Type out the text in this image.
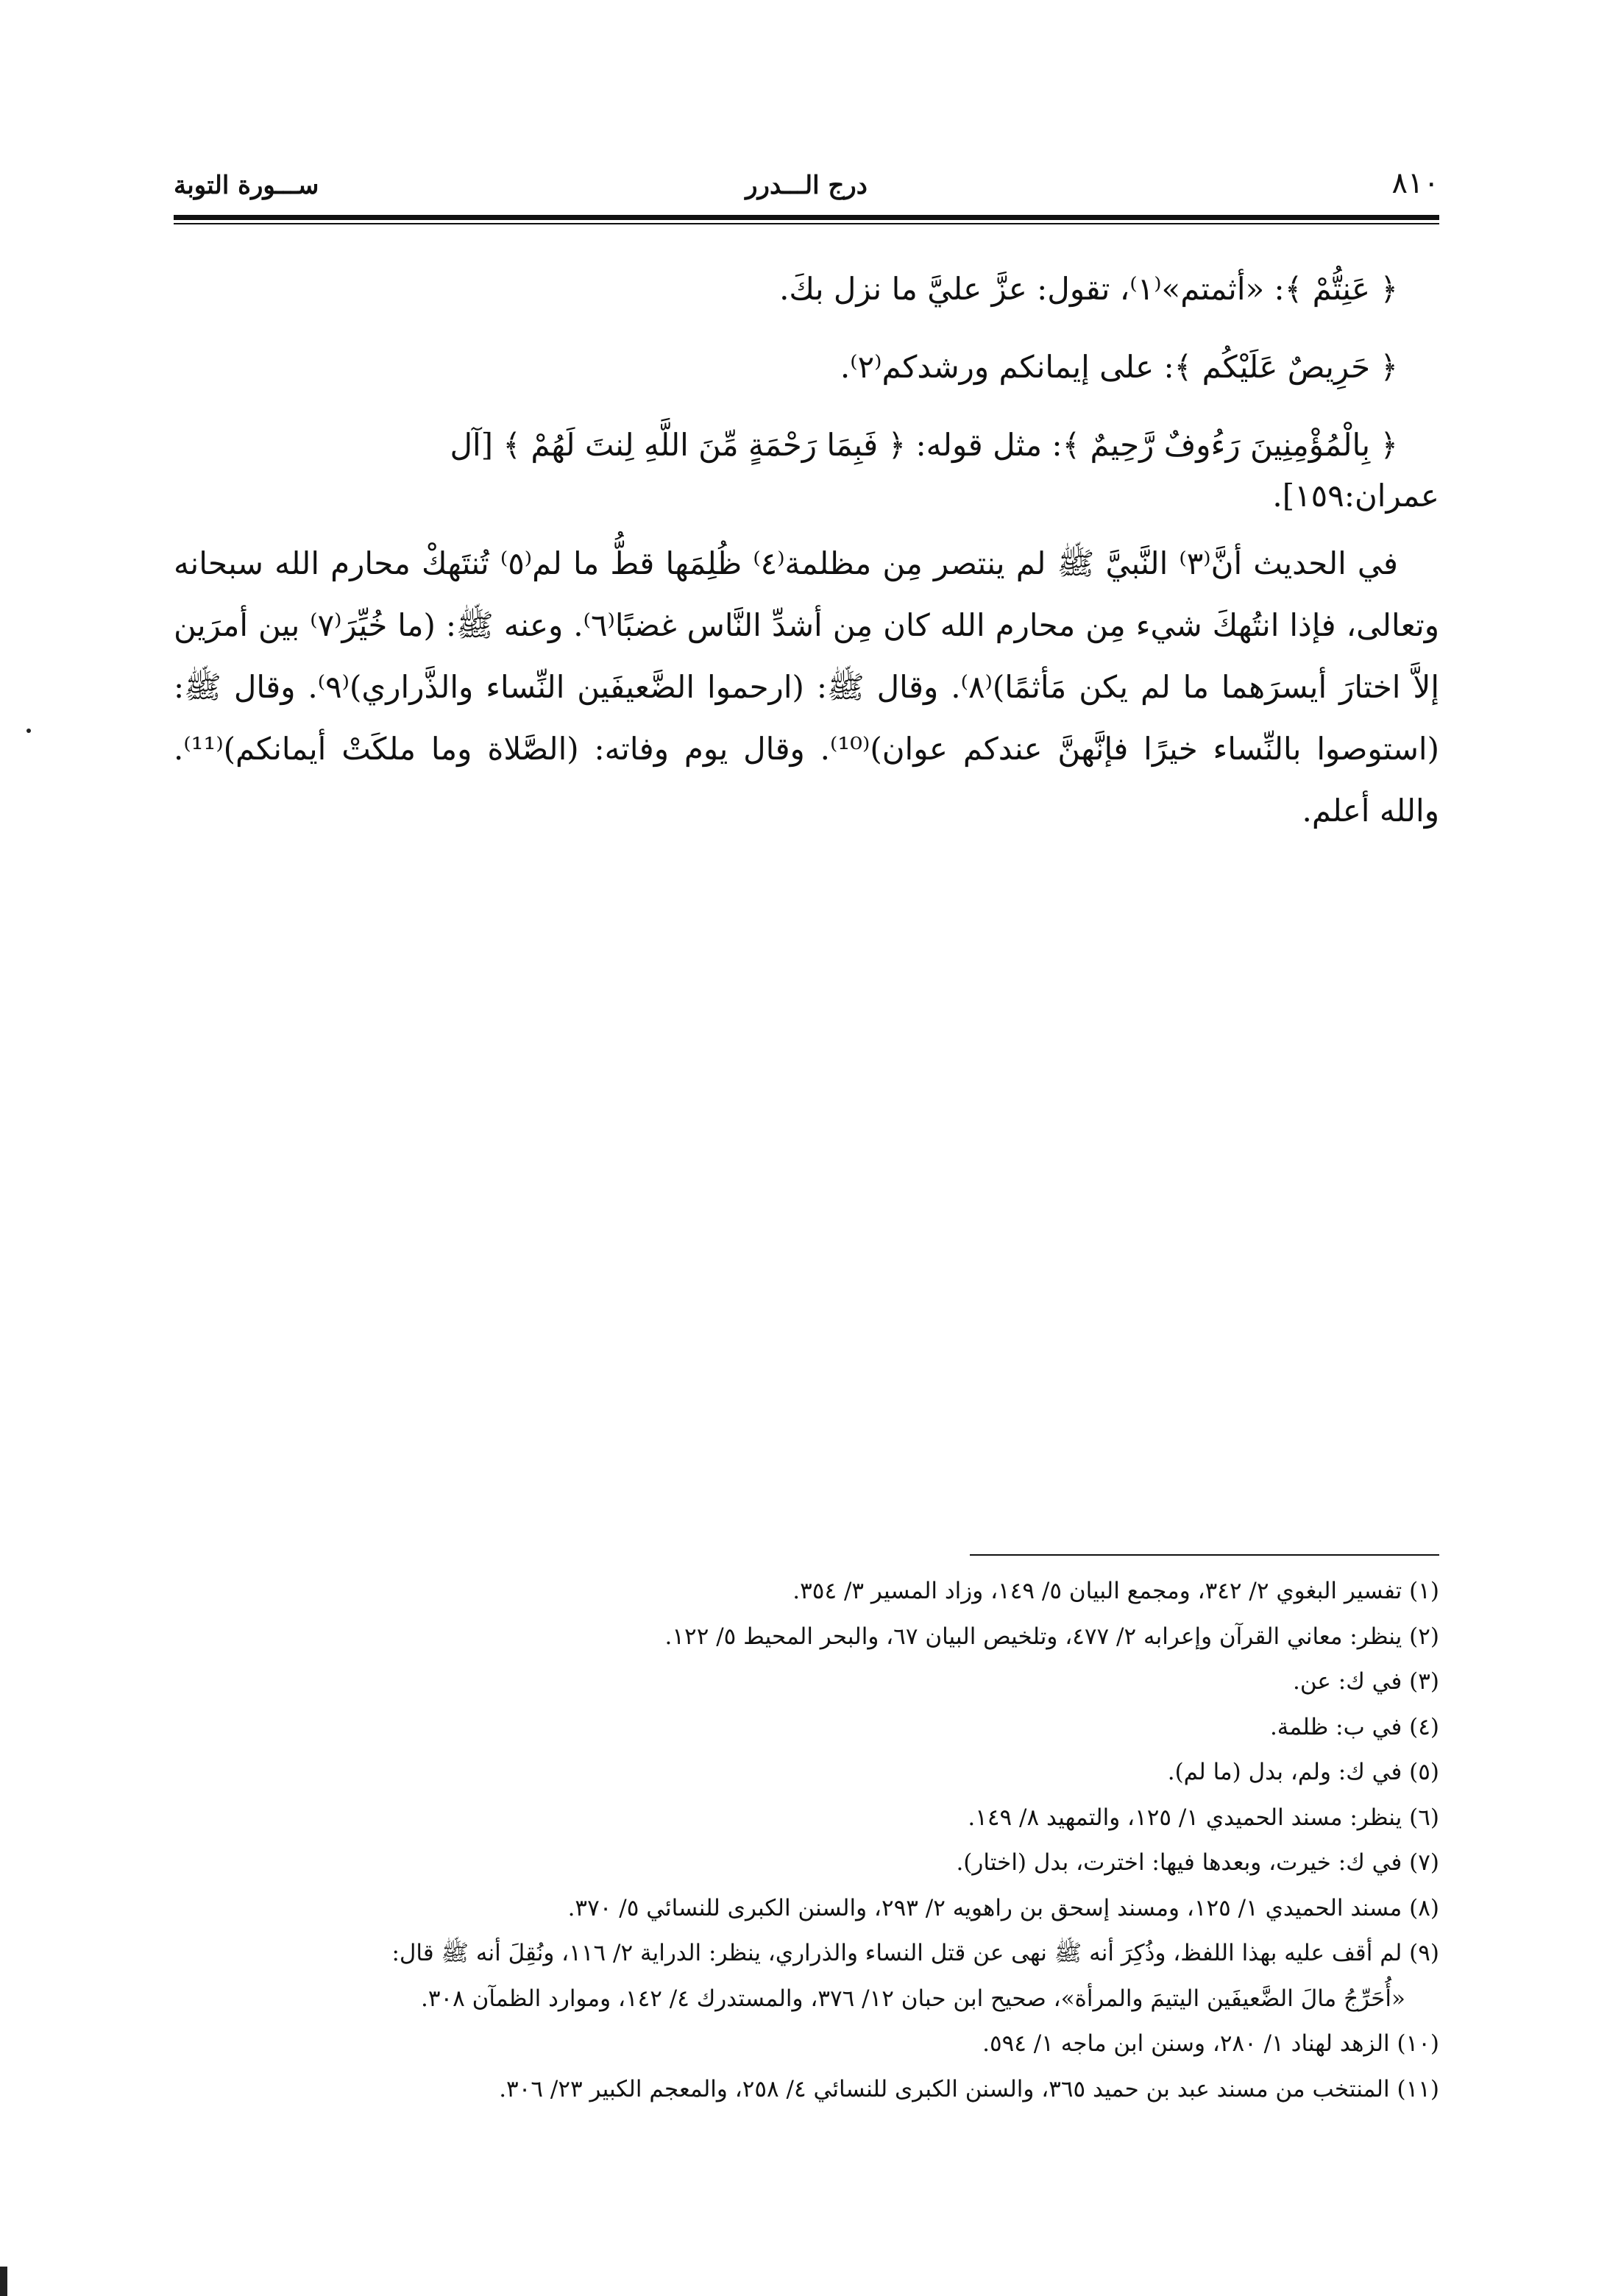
٨١٠
درج الـــدرر
ســـورة التوبة

﴿ عَنِتُّمْ ﴾: «أثمتم»⁽١⁾، تقول: عزَّ عليَّ ما نزل بكَ.

﴿ حَرِيصٌ عَلَيْكُم ﴾: على إيمانكم ورشدكم⁽٢⁾.

﴿ بِالْمُؤْمِنِينَ رَءُوفٌ رَّحِيمٌ ﴾: مثل قوله: ﴿ فَبِمَا رَحْمَةٍ مِّنَ اللَّهِ لِنتَ لَهُمْ ﴾ [آل

عمران:١٥٩].

في الحديث أنَّ⁽٣⁾ النَّبيَّ ﷺ لم ينتصر مِن مظلمة⁽٤⁾ ظُلِمَها قطُّ ما لم⁽٥⁾ تُنتَهكْ محارم الله سبحانه وتعالى، فإذا انتُهكَ شيء مِن محارم الله كان مِن أشدِّ النَّاس غضبًا⁽٦⁾. وعنه ﷺ: (ما خُيِّرَ⁽٧⁾ بين أمرَين إلاَّ اختارَ أيسرَهما ما لم يكن مَأثمًا)⁽٨⁾. وقال ﷺ: (ارحموا الضَّعيفَين النِّساء والذَّراري)⁽٩⁾. وقال ﷺ: (استوصوا بالنِّساء خيرًا فإنَّهنَّ عندكم عوان)⁽¹⁰⁾. وقال يوم وفاته: (الصَّلاة وما ملكَتْ أيمانكم)⁽¹¹⁾. والله أعلم.

(١) تفسير البغوي ٢/ ٣٤٢، ومجمع البيان ٥/ ١٤٩، وزاد المسير ٣/ ٣٥٤.

(٢) ينظر: معاني القرآن وإعرابه ٢/ ٤٧٧، وتلخيص البيان ٦٧، والبحر المحيط ٥/ ١٢٢.

(٣) في ك: عن.

(٤) في ب: ظلمة.

(٥) في ك: ولم، بدل (ما لم).

(٦) ينظر: مسند الحميدي ١/ ١٢٥، والتمهيد ٨/ ١٤٩.

(٧) في ك: خيرت، وبعدها فيها: اخترت، بدل (اختار).

(٨) مسند الحميدي ١/ ١٢٥، ومسند إسحق بن راهويه ٢/ ٢٩٣، والسنن الكبرى للنسائي ٥/ ٣٧٠.

(٩) لم أقف عليه بهذا اللفظ، وذُكِرَ أنه ﷺ نهى عن قتل النساء والذراري، ينظر: الدراية ٢/ ١١٦، ونُقِلَ أنه ﷺ قال:

«أُحَرِّجُ مالَ الضَّعيفَين اليتيمَ والمرأة»، صحيح ابن حبان ١٢/ ٣٧٦، والمستدرك ٤/ ١٤٢، وموارد الظمآن ٣٠٨.

(١٠) الزهد لهناد ١/ ٢٨٠، وسنن ابن ماجه ١/ ٥٩٤.

(١١) المنتخب من مسند عبد بن حميد ٣٦٥، والسنن الكبرى للنسائي ٤/ ٢٥٨، والمعجم الكبير ٢٣/ ٣٠٦.
